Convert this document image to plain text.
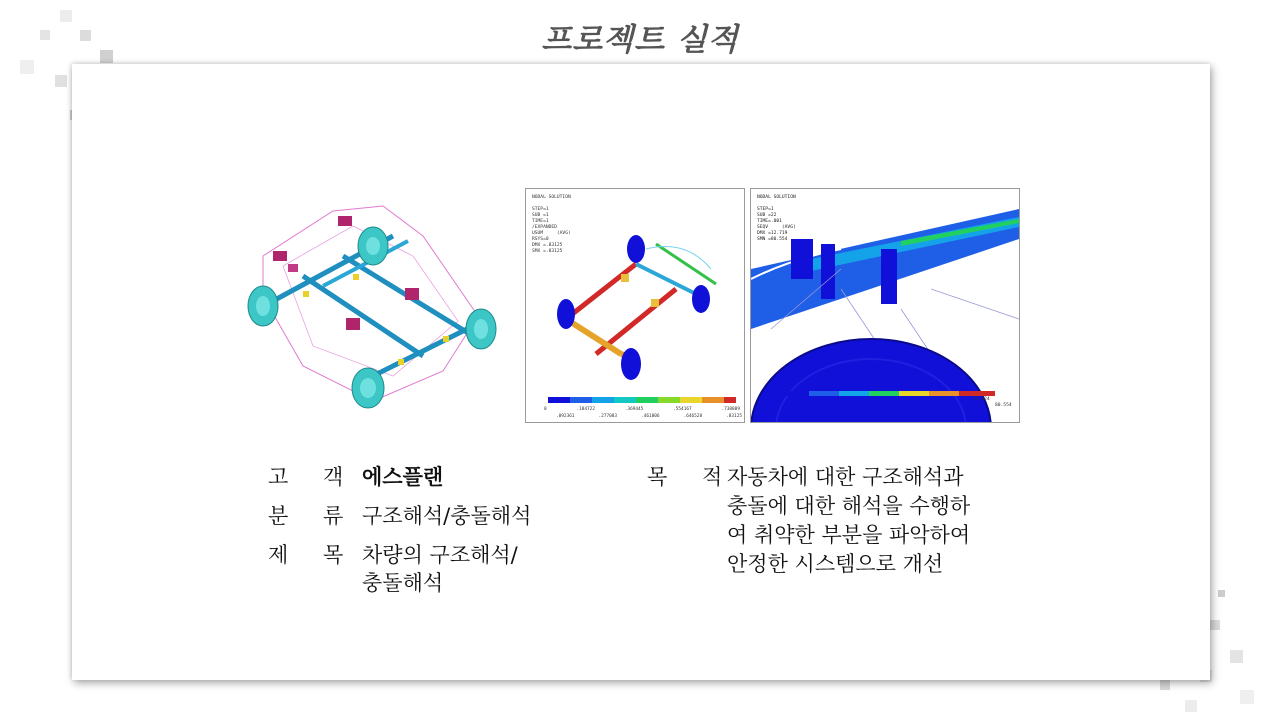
프로젝트 실적
NODAL SOLUTION

STEP=1
SUB =1
TIME=1
/EXPANDED
USUM     (AVG)
RSYS=0
DMX =.83125
SMX =.83125
0	.184722	.369445	.554167	.738889
.092361	.277083	.461806	.646528	.83125
NODAL SOLUTION

STEP=1
SUB =22
TIME=.001
SEQV     (AVG)
DMX =12.719
SMN =80.554
71.424
80.554
고 객 에스플랜
분 류 구조해석/충돌해석
제 목 차량의 구조해석/
충돌해석
목 적
자동차에 대한 구조해석과
충돌에 대한 해석을 수행하
여 취약한 부분을 파악하여
안정한 시스템으로 개선
